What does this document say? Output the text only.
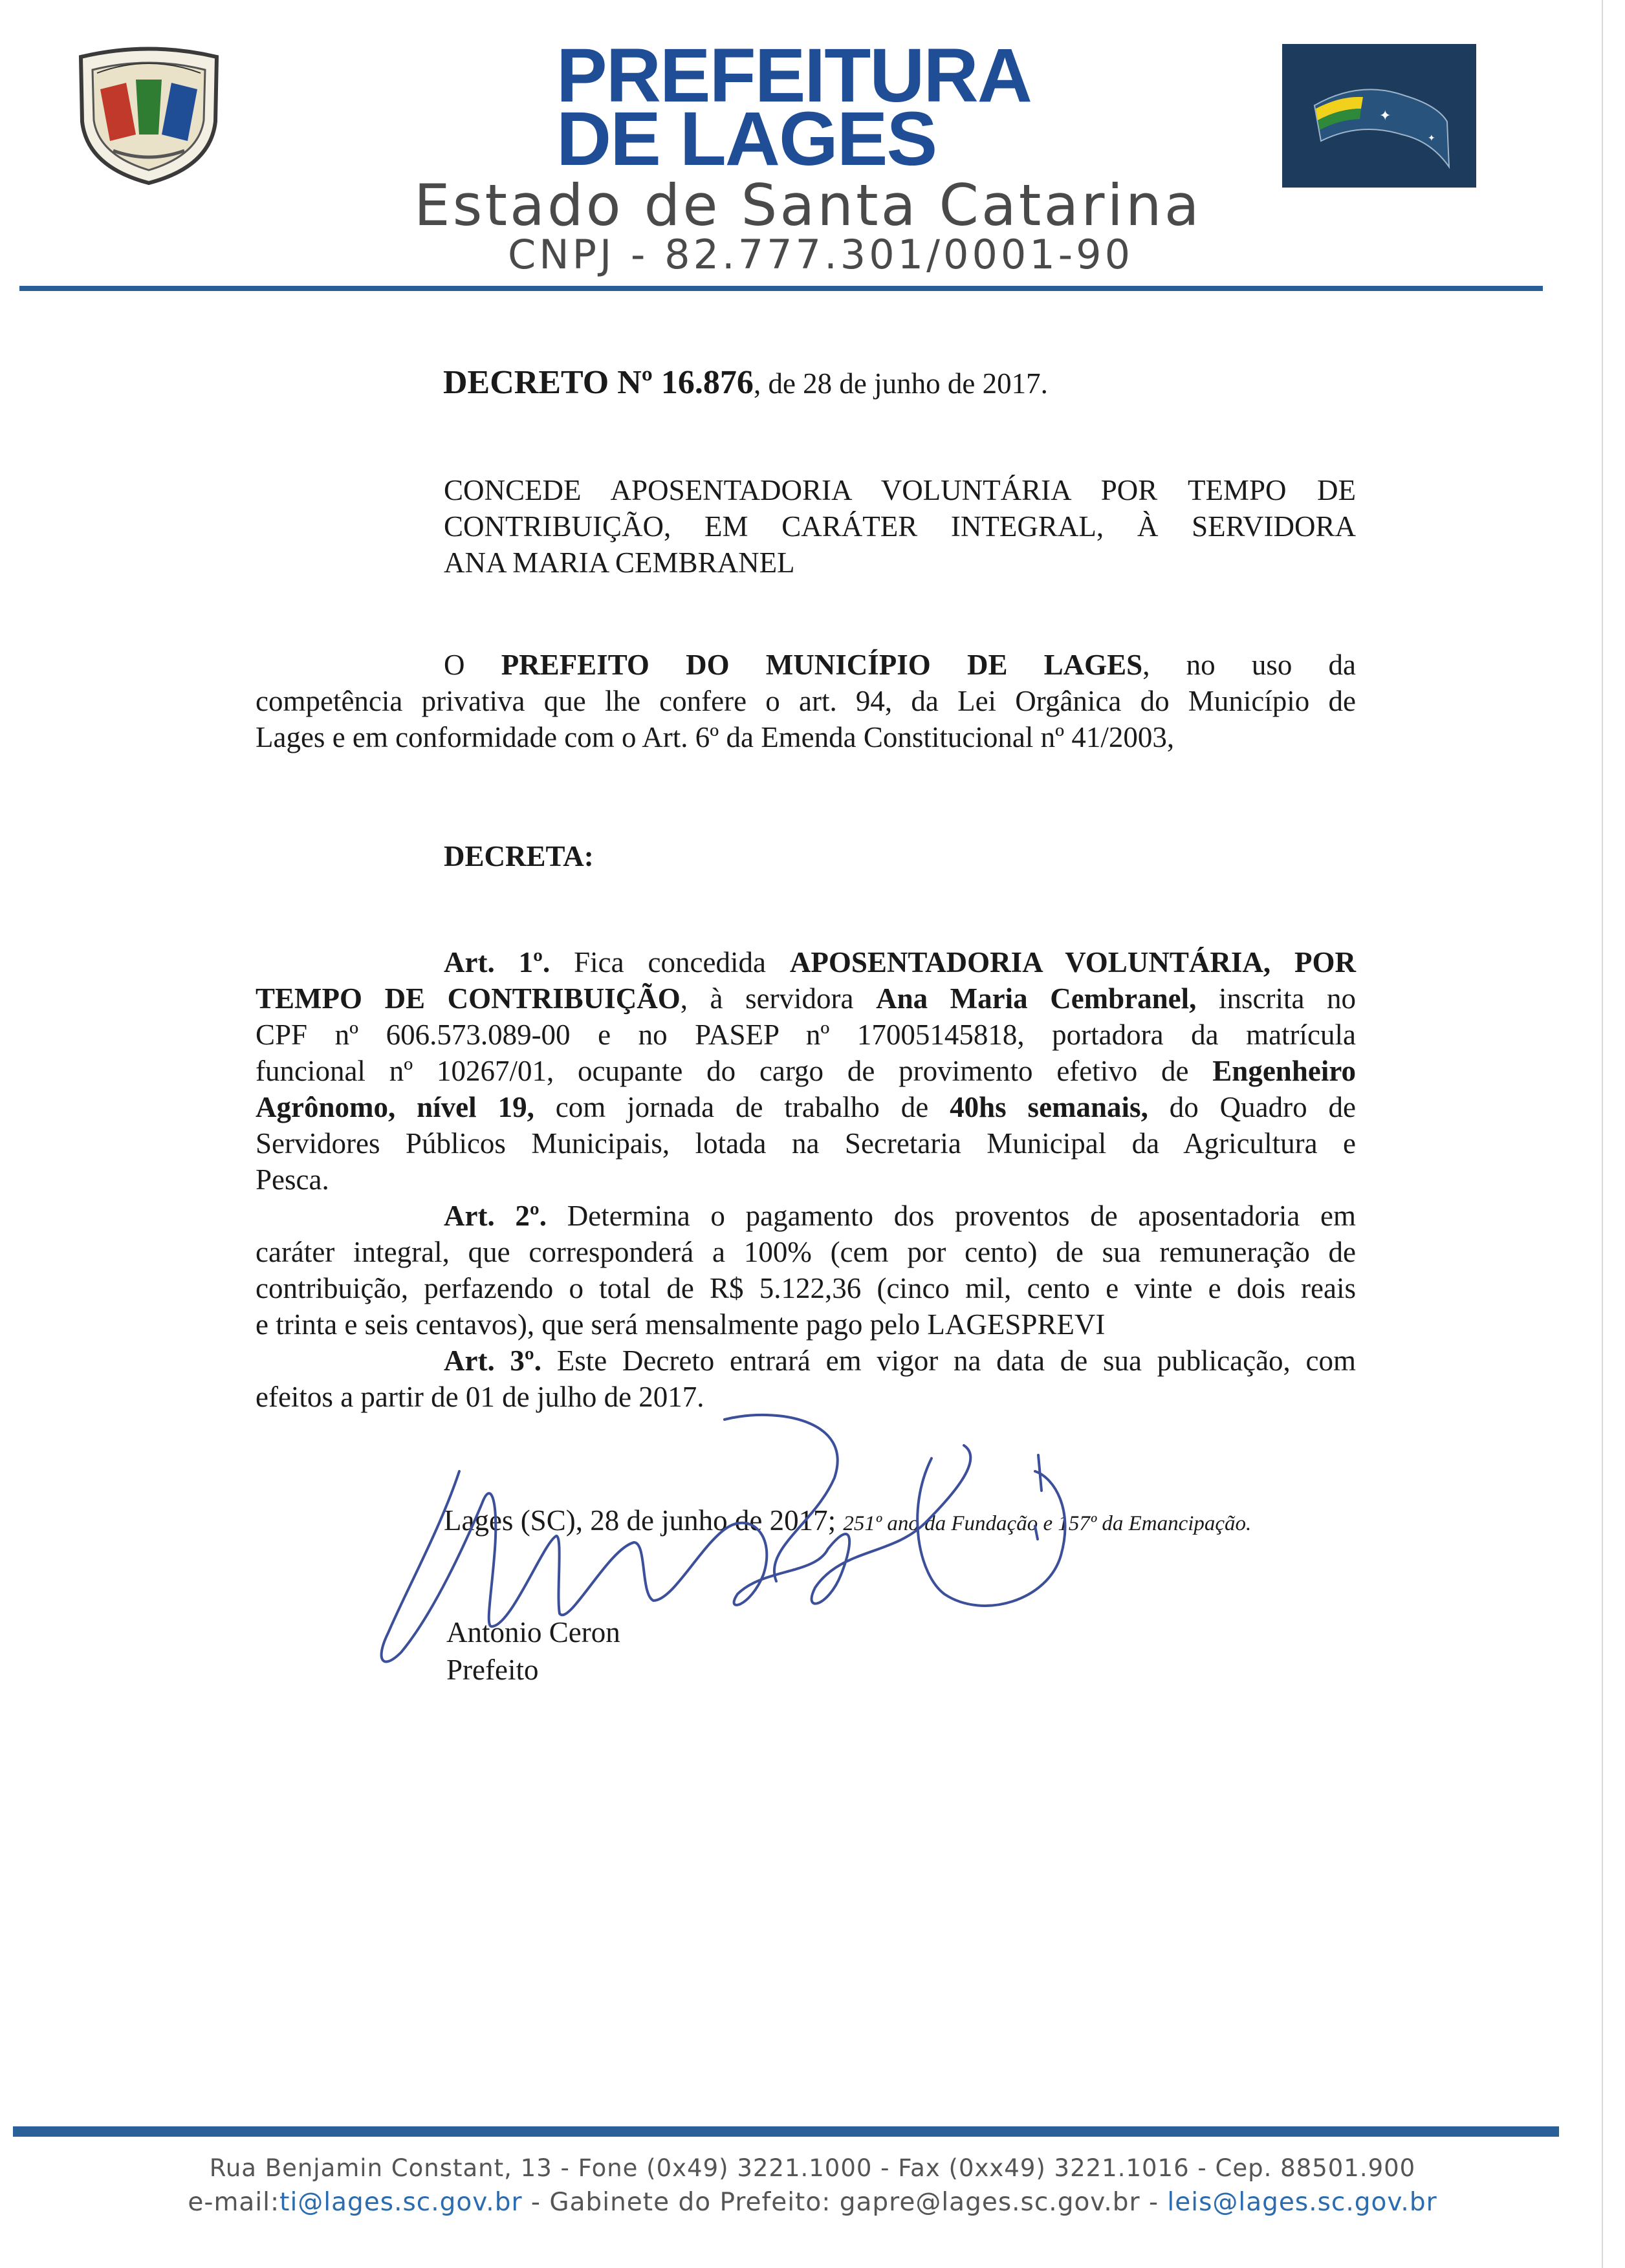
PREFEITURA
DE LAGES
Estado de Santa Catarina
CNPJ - 82.777.301/0001-90
✦
✦
DECRETO Nº 16.876, de 28 de junho de 2017.
CONCEDE APOSENTADORIA VOLUNTÁRIA POR TEMPO DE
CONTRIBUIÇÃO, EM CARÁTER INTEGRAL, À SERVIDORA
ANA MARIA CEMBRANEL
O PREFEITO DO MUNICÍPIO DE LAGES, no uso da
competência privativa que lhe confere o art. 94, da Lei Orgânica do Município de
Lages e em conformidade com o Art. 6º da Emenda Constitucional nº 41/2003,
DECRETA:
Art. 1º. Fica concedida APOSENTADORIA VOLUNTÁRIA, POR
TEMPO DE CONTRIBUIÇÃO, à servidora Ana Maria Cembranel, inscrita no
CPF nº 606.573.089-00 e no PASEP nº 17005145818, portadora da matrícula
funcional nº 10267/01, ocupante do cargo de provimento efetivo de Engenheiro
Agrônomo, nível 19, com jornada de trabalho de 40hs semanais, do Quadro de
Servidores Públicos Municipais, lotada na Secretaria Municipal da Agricultura e
Pesca.
Art. 2º. Determina o pagamento dos proventos de aposentadoria em
caráter integral, que corresponderá a 100% (cem por cento) de sua remuneração de
contribuição, perfazendo o total de R$ 5.122,36 (cinco mil, cento e vinte e dois reais
e trinta e seis centavos), que será mensalmente pago pelo LAGESPREVI
Art. 3º. Este Decreto entrará em vigor na data de sua publicação, com
efeitos a partir de 01 de julho de 2017.
Lages (SC), 28 de junho de 2017; 251º ano da Fundação e 157º da Emancipação.
Antonio Ceron
Prefeito
Rua Benjamin Constant, 13 - Fone (0x49) 3221.1000 - Fax (0xx49) 3221.1016 - Cep. 88501.900
e-mail:ti@lages.sc.gov.br - Gabinete do Prefeito: gapre@lages.sc.gov.br - leis@lages.sc.gov.br
